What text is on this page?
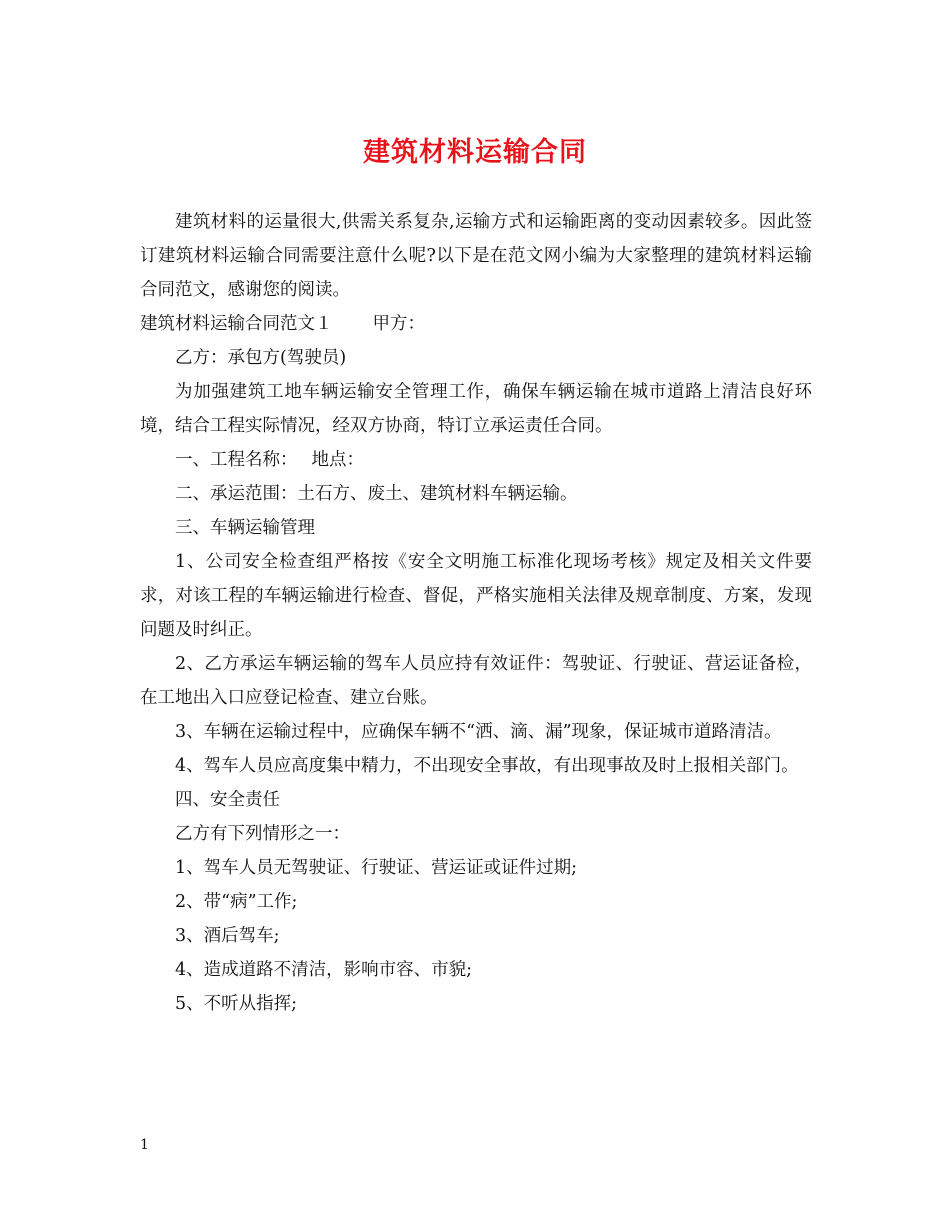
建筑材料运输合同

建筑材料的运量很大,供需关系复杂,运输方式和运输距离的变动因素较多。因此签订建筑材料运输合同需要注意什么呢?以下是在范文网小编为大家整理的建筑材料运输合同范文，感谢您的阅读。

建筑材料运输合同范文１ 甲方：

乙方：承包方(驾驶员)

为加强建筑工地车辆运输安全管理工作，确保车辆运输在城市道路上清洁良好环境，结合工程实际情况，经双方协商，特订立承运责任合同。

一、工程名称： 地点：

二、承运范围：土石方、废土、建筑材料车辆运输。

三、车辆运输管理

1、公司安全检查组严格按《安全文明施工标准化现场考核》规定及相关文件要求，对该工程的车辆运输进行检查、督促，严格实施相关法律及规章制度、方案，发现问题及时纠正。

2、乙方承运车辆运输的驾车人员应持有效证件：驾驶证、行驶证、营运证备检，在工地出入口应登记检查、建立台账。

3、车辆在运输过程中，应确保车辆不“洒、滴、漏”现象，保证城市道路清洁。

4、驾车人员应高度集中精力，不出现安全事故，有出现事故及时上报相关部门。

四、安全责任

乙方有下列情形之一：

1、驾车人员无驾驶证、行驶证、营运证或证件过期;

2、带“病”工作;

3、酒后驾车;

4、造成道路不清洁，影响市容、市貌;

5、不听从指挥;

1
